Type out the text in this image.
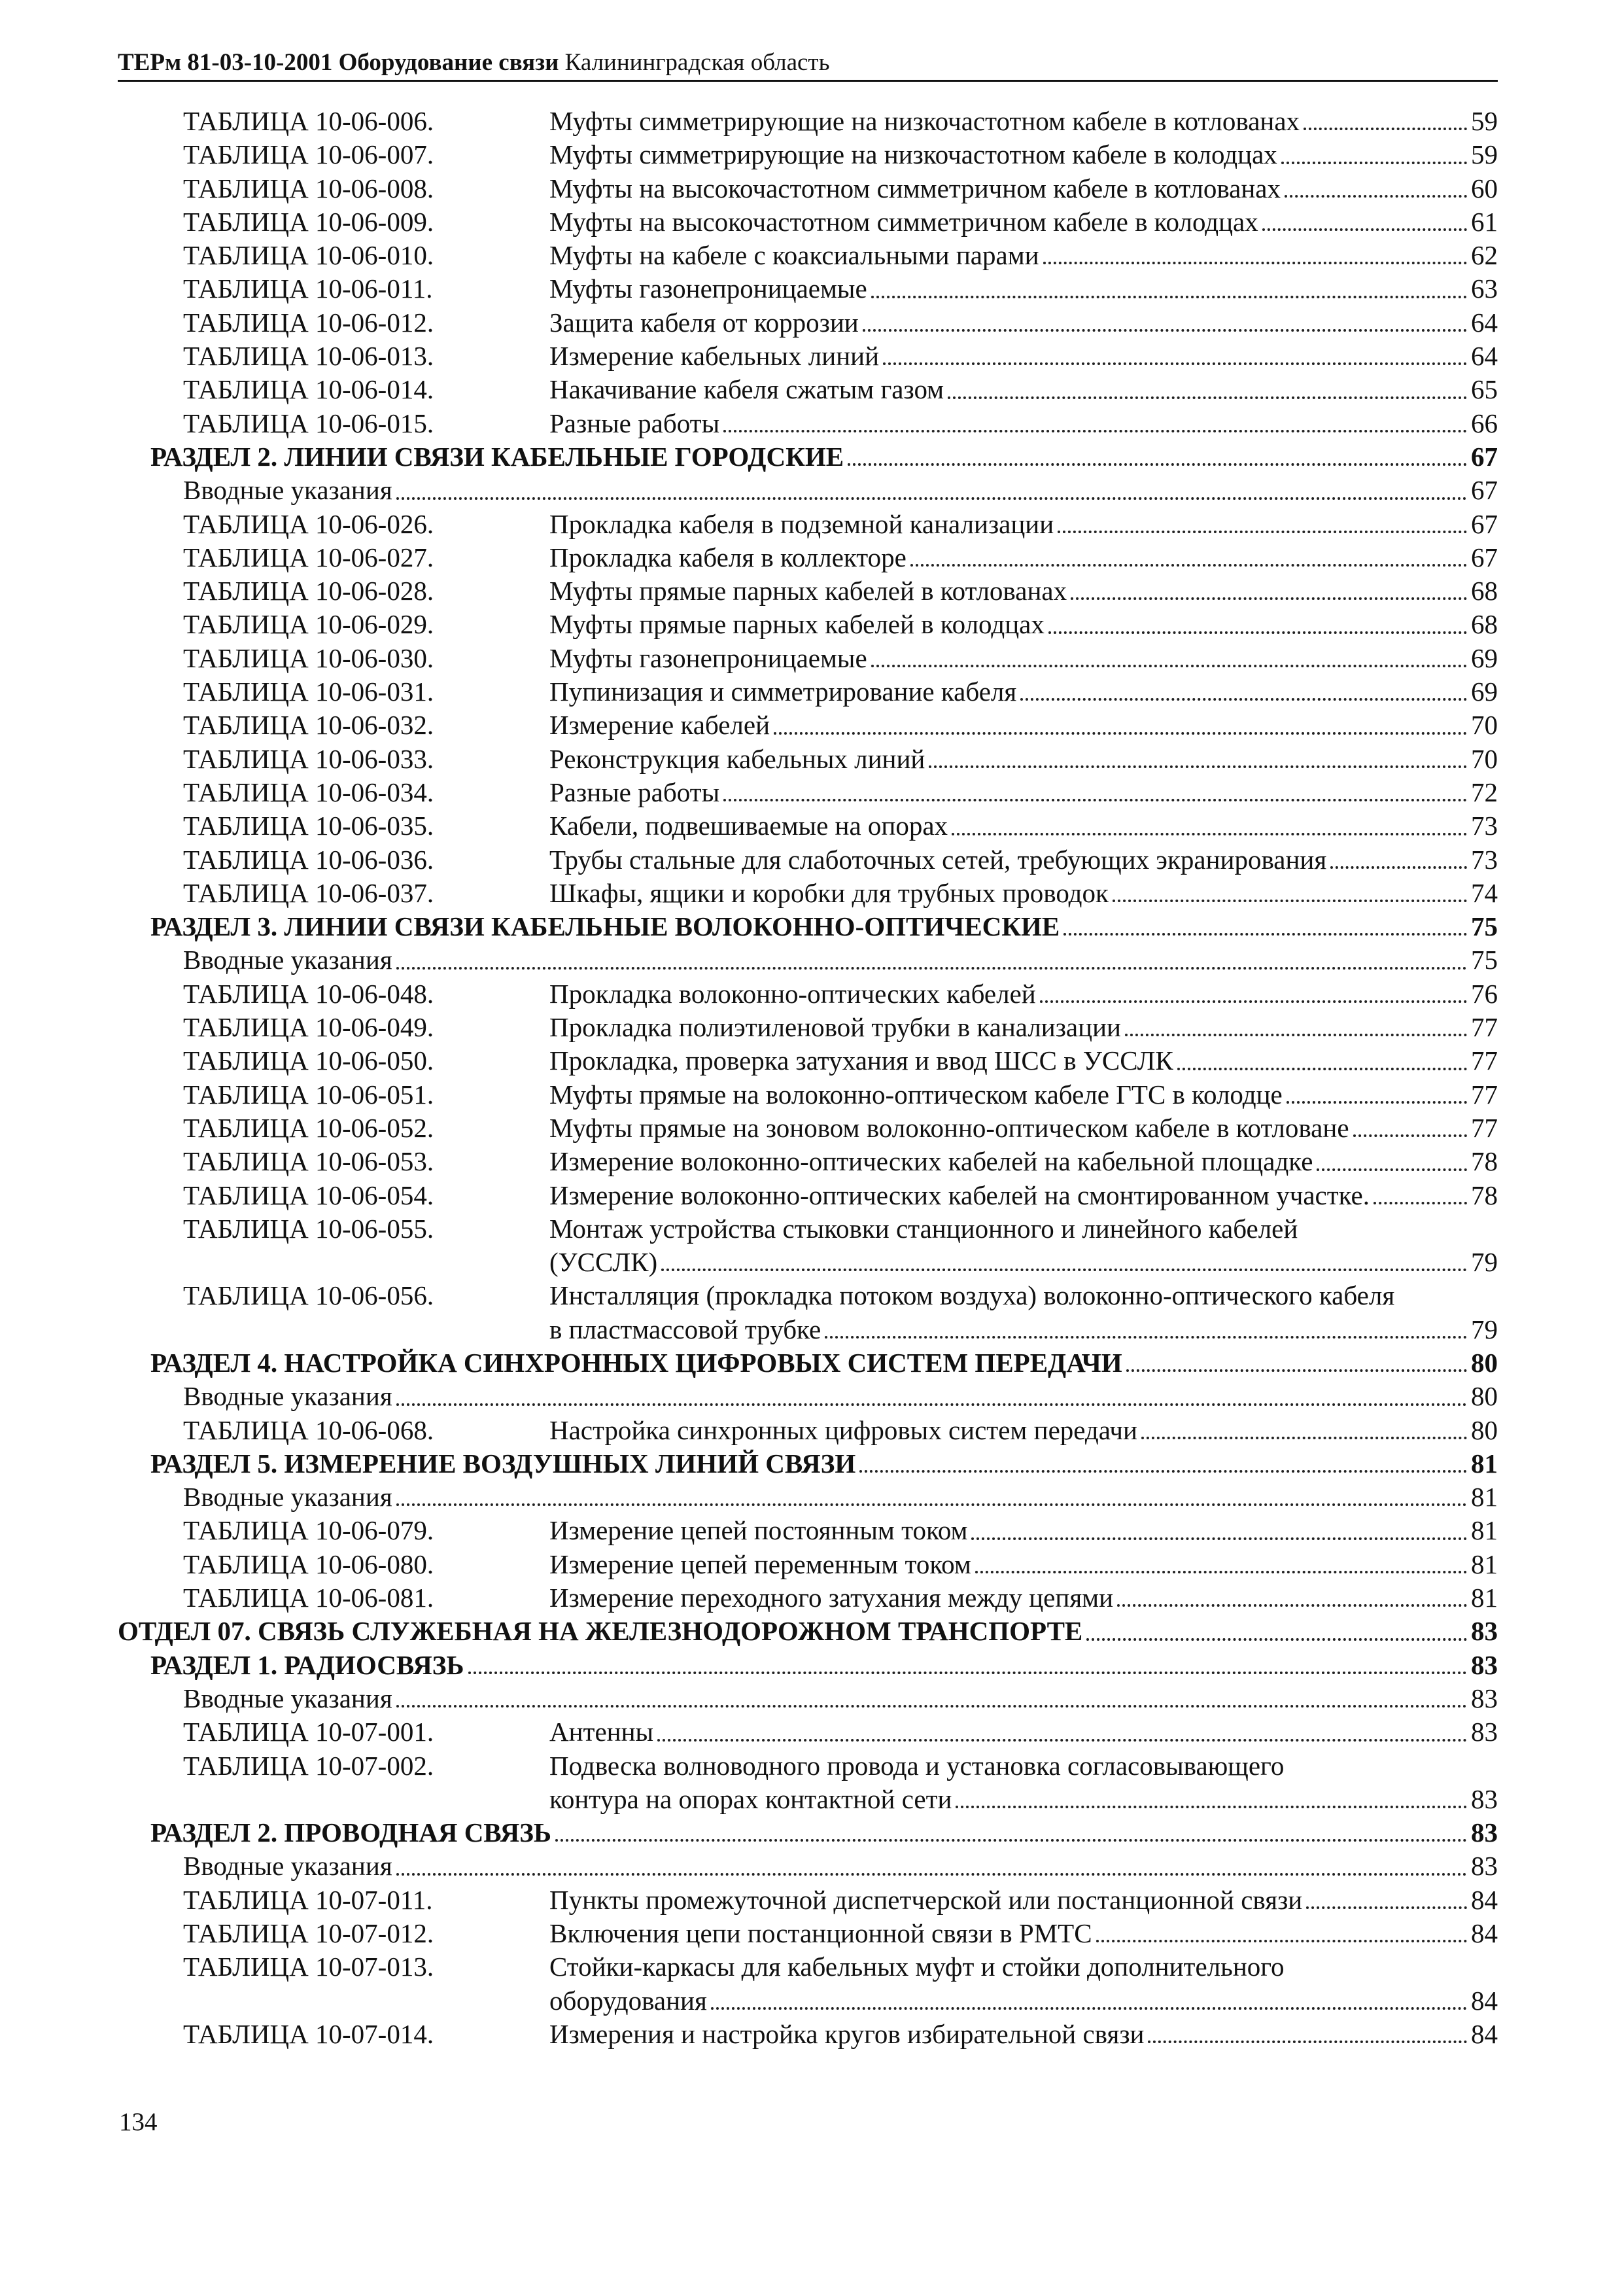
ТЕРм 81-03-10-2001 Оборудование связи Калининградская область
ТАБЛИЦА 10-06-006.	Муфты симметрирующие на низкочастотном кабеле в котлованах	59
ТАБЛИЦА 10-06-007.	Муфты симметрирующие на низкочастотном кабеле в колодцах	59
ТАБЛИЦА 10-06-008.	Муфты на высокочастотном симметричном кабеле в котлованах	60
ТАБЛИЦА 10-06-009.	Муфты на высокочастотном симметричном кабеле в колодцах	61
ТАБЛИЦА 10-06-010.	Муфты на кабеле с коаксиальными парами	62
ТАБЛИЦА 10-06-011.	Муфты газонепроницаемые	63
ТАБЛИЦА 10-06-012.	Защита кабеля от коррозии	64
ТАБЛИЦА 10-06-013.	Измерение кабельных линий	64
ТАБЛИЦА 10-06-014.	Накачивание кабеля сжатым газом	65
ТАБЛИЦА 10-06-015.	Разные работы	66
РАЗДЕЛ 2. ЛИНИИ СВЯЗИ КАБЕЛЬНЫЕ ГОРОДСКИЕ	67
Вводные указания	67
ТАБЛИЦА 10-06-026.	Прокладка кабеля в подземной канализации	67
ТАБЛИЦА 10-06-027.	Прокладка кабеля в коллекторе	67
ТАБЛИЦА 10-06-028.	Муфты прямые парных кабелей в котлованах	68
ТАБЛИЦА 10-06-029.	Муфты прямые парных кабелей в колодцах	68
ТАБЛИЦА 10-06-030.	Муфты газонепроницаемые	69
ТАБЛИЦА 10-06-031.	Пупинизация и симметрирование кабеля	69
ТАБЛИЦА 10-06-032.	Измерение кабелей	70
ТАБЛИЦА 10-06-033.	Реконструкция кабельных линий	70
ТАБЛИЦА 10-06-034.	Разные работы	72
ТАБЛИЦА 10-06-035.	Кабели, подвешиваемые на опорах	73
ТАБЛИЦА 10-06-036.	Трубы стальные для слаботочных сетей, требующих экранирования	73
ТАБЛИЦА 10-06-037.	Шкафы, ящики и коробки для трубных проводок	74
РАЗДЕЛ 3. ЛИНИИ СВЯЗИ КАБЕЛЬНЫЕ ВОЛОКОННО-ОПТИЧЕСКИЕ	75
Вводные указания	75
ТАБЛИЦА 10-06-048.	Прокладка волоконно-оптических кабелей	76
ТАБЛИЦА 10-06-049.	Прокладка полиэтиленовой трубки в канализации	77
ТАБЛИЦА 10-06-050.	Прокладка, проверка затухания и ввод ШСС в УССЛК	77
ТАБЛИЦА 10-06-051.	Муфты прямые на волоконно-оптическом кабеле ГТС в колодце	77
ТАБЛИЦА 10-06-052.	Муфты прямые на зоновом волоконно-оптическом кабеле в котловане	77
ТАБЛИЦА 10-06-053.	Измерение волоконно-оптических кабелей на кабельной площадке	78
ТАБЛИЦА 10-06-054.	Измерение волоконно-оптических кабелей на смонтированном участке.	78
ТАБЛИЦА 10-06-055.	Монтаж устройства стыковки станционного и линейного кабелей
(УССЛК)	79
ТАБЛИЦА 10-06-056.	Инсталляция (прокладка потоком воздуха) волоконно-оптического кабеля
в пластмассовой трубке	79
РАЗДЕЛ 4. НАСТРОЙКА СИНХРОННЫХ ЦИФРОВЫХ СИСТЕМ ПЕРЕДАЧИ	80
Вводные указания	80
ТАБЛИЦА 10-06-068.	Настройка синхронных цифровых систем передачи	80
РАЗДЕЛ 5. ИЗМЕРЕНИЕ ВОЗДУШНЫХ ЛИНИЙ СВЯЗИ	81
Вводные указания	81
ТАБЛИЦА 10-06-079.	Измерение цепей постоянным током	81
ТАБЛИЦА 10-06-080.	Измерение цепей переменным током	81
ТАБЛИЦА 10-06-081.	Измерение переходного затухания между цепями	81
ОТДЕЛ 07. СВЯЗЬ СЛУЖЕБНАЯ НА ЖЕЛЕЗНОДОРОЖНОМ ТРАНСПОРТЕ	83
РАЗДЕЛ 1. РАДИОСВЯЗЬ	83
Вводные указания	83
ТАБЛИЦА 10-07-001.	Антенны	83
ТАБЛИЦА 10-07-002.	Подвеска волноводного провода и установка согласовывающего
контура на опорах контактной сети	83
РАЗДЕЛ 2. ПРОВОДНАЯ СВЯЗЬ	83
Вводные указания	83
ТАБЛИЦА 10-07-011.	Пункты промежуточной диспетчерской или постанционной связи	84
ТАБЛИЦА 10-07-012.	Включения цепи постанционной связи в РМТС	84
ТАБЛИЦА 10-07-013.	Стойки-каркасы для кабельных муфт и стойки дополнительного
оборудования	84
ТАБЛИЦА 10-07-014.	Измерения и настройка кругов избирательной связи	84
134
